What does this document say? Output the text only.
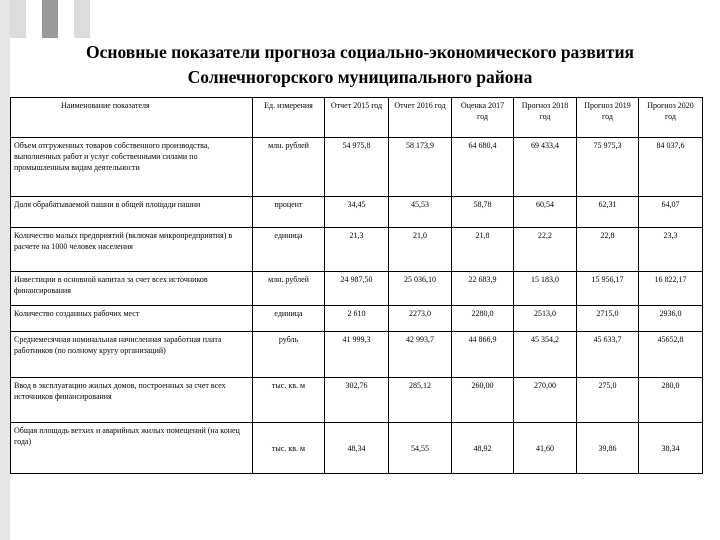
Основные показатели прогноза социально-экономического развития
Солнечногорского муниципального района
Наименование показателя	Ед. измерения	Отчет 2015 год	Отчет 2016 год	Оценка 2017 год	Прогноз 2018 год	Прогноз 2019 год	Прогноз 2020 год
Объем отгруженных товаров собственного производства, выполненных работ и услуг собственными силами по промышленным видам деятельности	млн. рублей	54 975,8	58 173,9	64 680,4	69 433,4	75 975,3	84 037,6
Доля обрабатываемой пашни в общей площади пашни	процент	34,45	45,53	58,78	60,54	62,31	64,07
Количество малых предприятий (включая микропредприятия) в расчете на 1000 человек населения	единица	21,3	21,0	21,8	22,2	22,8	23,3
Инвестиции в основной капитал за счет всех источников финансирования	млн. рублей	24 987,50	25 036,10	22 683,9	15 183,0	15 956,17	16 822,17
Количество созданных рабочих мест	единица	2 610	2273,0	2280,0	2513,0	2715,0	2936,0
Среднемесячная номинальная начисленная заработная плата работников (по полному кругу организаций)	рубль	41 999,3	42 993,7	44 866,9	45 354,2	45 633,7	45652,8
Ввод в эксплуатацию жилых домов, построенных за счет всех источников финансирования	тыс. кв. м	302,76	285,12	260,00	270,00	275,0	280,0
Общая площадь ветхих и аварийных жилых помещений (на конец года)	тыс. кв. м	48,34	54,55	48,92	41,60	39,86	38,34
